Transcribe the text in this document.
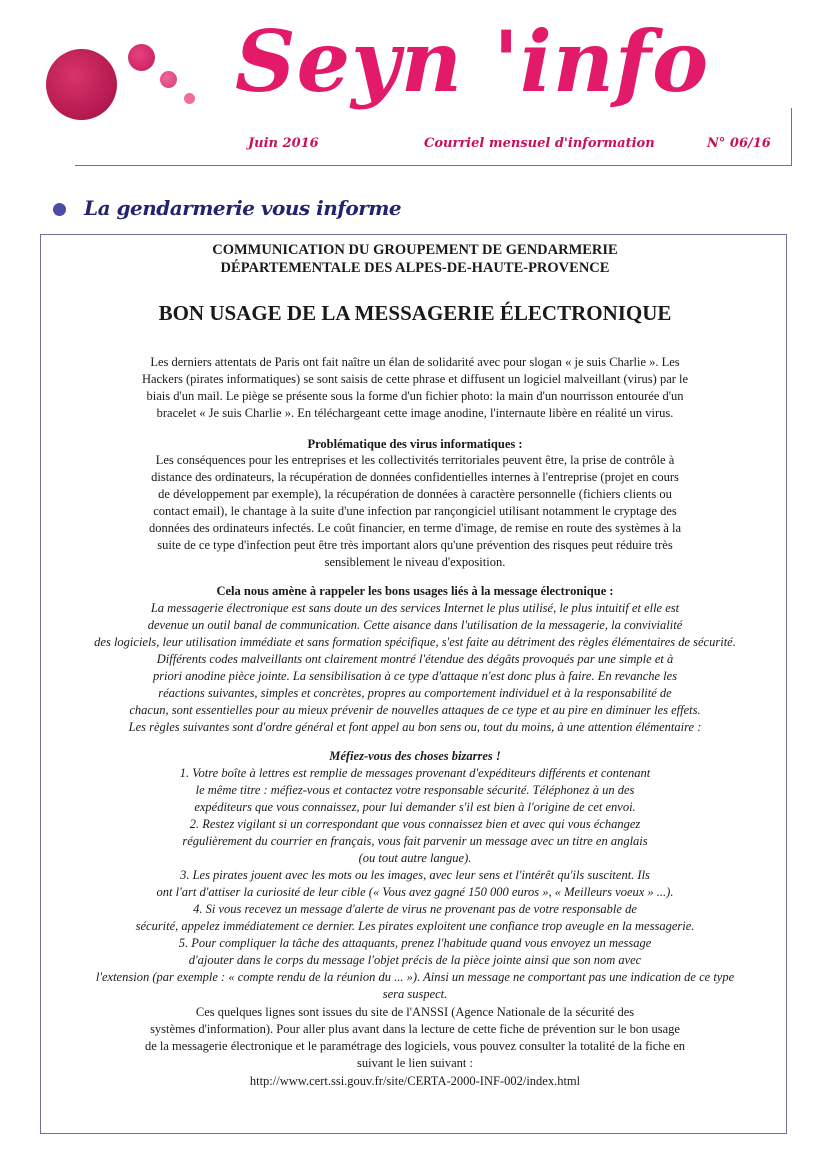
Seyn 'info
Juin 2016	Courriel mensuel d'information	N° 06/16
La gendarmerie vous informe
COMMUNICATION DU GROUPEMENT DE GENDARMERIE
DÉPARTEMENTALE DES ALPES-DE-HAUTE-PROVENCE
BON USAGE DE LA MESSAGERIE ÉLECTRONIQUE
Les derniers attentats de Paris ont fait naître un élan de solidarité avec pour slogan « je suis Charlie ». Les
Hackers (pirates informatiques) se sont saisis de cette phrase et diffusent un logiciel malveillant (virus) par le
biais d'un mail. Le piège se présente sous la forme d'un fichier photo: la main d'un nourrisson entourée d'un
bracelet « Je suis Charlie ». En téléchargeant cette image anodine, l'internaute libère en réalité un virus.
Problématique des virus informatiques :
Les conséquences pour les entreprises et les collectivités territoriales peuvent être, la prise de contrôle à
distance des ordinateurs, la récupération de données confidentielles internes à l'entreprise (projet en cours
de développement par exemple), la récupération de données à caractère personnelle (fichiers clients ou
contact email), le chantage à la suite d'une infection par rançongiciel utilisant notamment le cryptage des
données des ordinateurs infectés. Le coût financier, en terme d'image, de remise en route des systèmes à la
suite de ce type d'infection peut être très important alors qu'une prévention des risques peut réduire très
sensiblement le niveau d'exposition.
Cela nous amène à rappeler les bons usages liés à la message électronique :
La messagerie électronique est sans doute un des services Internet le plus utilisé, le plus intuitif et elle est
devenue un outil banal de communication. Cette aisance dans l'utilisation de la messagerie, la convivialité
des logiciels, leur utilisation immédiate et sans formation spécifique, s'est faite au détriment des règles élémentaires de sécurité.
Différents codes malveillants ont clairement montré l'étendue des dégâts provoqués par une simple et à
priori anodine pièce jointe. La sensibilisation à ce type d'attaque n'est donc plus à faire. En revanche les
réactions suivantes, simples et concrètes, propres au comportement individuel et à la responsabilité de
chacun, sont essentielles pour au mieux prévenir de nouvelles attaques de ce type et au pire en diminuer les effets.
Les règles suivantes sont d'ordre général et font appel au bon sens ou, tout du moins, à une attention élémentaire :
Méfiez-vous des choses bizarres !
1. Votre boîte à lettres est remplie de messages provenant d'expéditeurs différents et contenant
le même titre : méfiez-vous et contactez votre responsable sécurité. Téléphonez à un des
expéditeurs que vous connaissez, pour lui demander s'il est bien à l'origine de cet envoi.
2. Restez vigilant si un correspondant que vous connaissez bien et avec qui vous échangez
régulièrement du courrier en français, vous fait parvenir un message avec un titre en anglais
(ou tout autre langue).
3. Les pirates jouent avec les mots ou les images, avec leur sens et l'intérêt qu'ils suscitent. Ils
ont l'art d'attiser la curiosité de leur cible (« Vous avez gagné 150 000 euros », « Meilleurs voeux » ...).
4. Si vous recevez un message d'alerte de virus ne provenant pas de votre responsable de
sécurité, appelez immédiatement ce dernier. Les pirates exploitent une confiance trop aveugle en la messagerie.
5. Pour compliquer la tâche des attaquants, prenez l'habitude quand vous envoyez un message
d'ajouter dans le corps du message l'objet précis de la pièce jointe ainsi que son nom avec
l'extension (par exemple : « compte rendu de la réunion du ... »). Ainsi un message ne comportant pas une indication de ce type
sera suspect.
Ces quelques lignes sont issues du site de l'ANSSI (Agence Nationale de la sécurité des
systèmes d'information). Pour aller plus avant dans la lecture de cette fiche de prévention sur le bon usage
de la messagerie électronique et le paramétrage des logiciels, vous pouvez consulter la totalité de la fiche en
suivant le lien suivant :
http://www.cert.ssi.gouv.fr/site/CERTA-2000-INF-002/index.html
